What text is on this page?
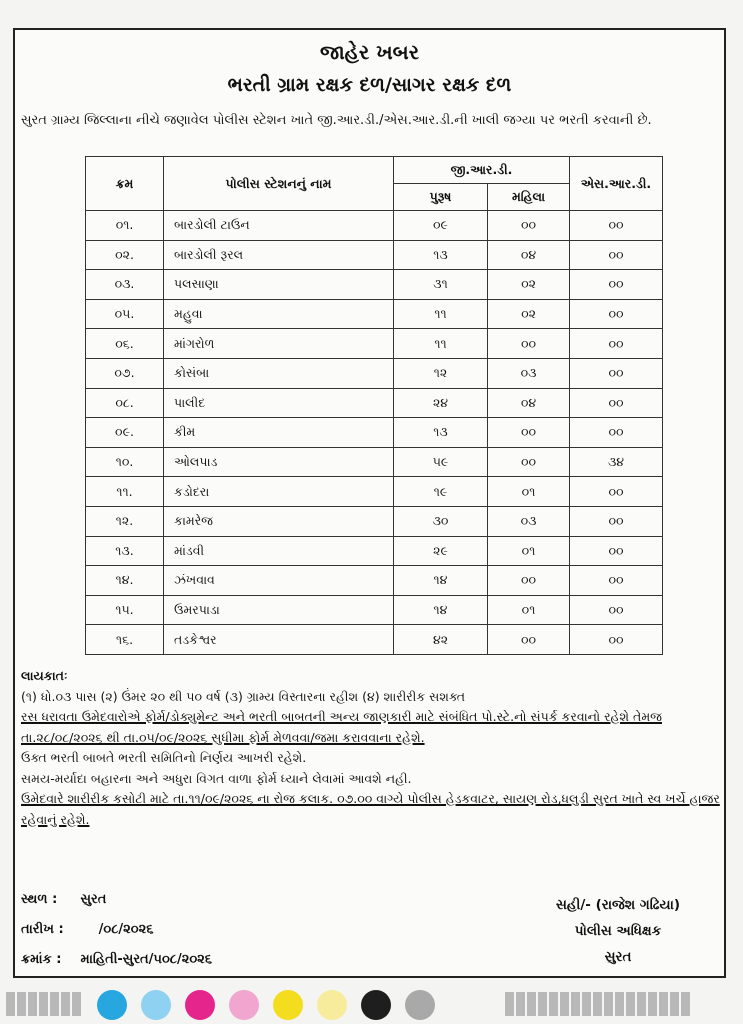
જાહેર ખબર
ભરતી ગ્રામ રક્ષક દળ/સાગર રક્ષક દળ
સુરત ગ્રામ્ય જિલ્લાના નીચે જણાવેલ પોલીસ સ્ટેશન ખાતે જી.આર.ડી./એસ.આર.ડી.ની ખાલી જગ્યા પર ભરતી કરવાની છે.
ક્રમ	પોલીસ સ્ટેશનનું નામ	જી.આર.ડી.		એસ.આર.ડી.
		પુરૂષ	મહિલા	
૦૧.	બારડોલી ટાઉન	૦૯	૦૦	૦૦
૦૨.	બારડોલી રૂરલ	૧૩	૦૪	૦૦
૦૩.	પલસાણા	૩૧	૦૨	૦૦
૦૫.	મહુવા	૧૧	૦૨	૦૦
૦૬.	માંગરોળ	૧૧	૦૦	૦૦
૦૭.	કોસંબા	૧૨	૦૩	૦૦
૦૮.	પાલીદ	૨૪	૦૪	૦૦
૦૯.	કીમ	૧૩	૦૦	૦૦
૧૦.	ઓલપાડ	૫૯	૦૦	૩૪
૧૧.	કડોદરા	૧૯	૦૧	૦૦
૧૨.	કામરેજ	૩૦	૦૩	૦૦
૧૩.	માંડવી	૨૯	૦૧	૦૦
૧૪.	ઝંખવાવ	૧૪	૦૦	૦૦
૧૫.	ઉમરપાડા	૧૪	૦૧	૦૦
૧૬.	તડકેશ્વર	૪૨	૦૦	૦૦

લાયકાતઃ

(૧) ધો.૦૩ પાસ (૨) ઉંમર ૨૦ થી ૫૦ વર્ષ (૩) ગ્રામ્ય વિસ્તારના રહીશ (૪) શારીરીક સશક્ત

રસ ધરાવતા ઉમેદવારોએ ફોર્મ/ડોક્યુમેન્ટ અને ભરતી બાબતની અન્ય જાણકારી માટે સંબંધિત પો.સ્ટે.નો સંપર્ક કરવાનો રહેશે તેમજ તા.૨૮/૦૮/૨૦૨૬ થી તા.૦૫/૦૯/૨૦૨૬ સુધીમા ફોર્મ મેળવવા/જમા કરાવવાના રહેશે.

ઉક્ત ભરતી બાબતે ભરતી સમિતિનો નિર્ણય આખરી રહેશે.

સમય-મર્યાદા બહારના અને અધુરા વિગત વાળા ફોર્મ ધ્યાને લેવામાં આવશે નહી.

ઉમેદવારે શારીરીક કસોટી માટે તા.૧૧/૦૯/૨૦૨૬ ના રોજ કલાક. ૦૭.૦૦ વાગ્યે પોલીસ હેડકવાટર, સાયણ રોડ,ધલુડી સુરત ખાતે સ્વ ખર્ચે હાજર રહેવાનું રહેશે.

સ્થળ : સુરત
તારીખ :	/૦૮/૨૦૨૬
ક્રમાંક : માહિતી-સુરત/૫૦૮/૨૦૨૬
સહી/- (રાજેશ ગઢિયા)
પોલીસ અધિક્ષક
સુરત
